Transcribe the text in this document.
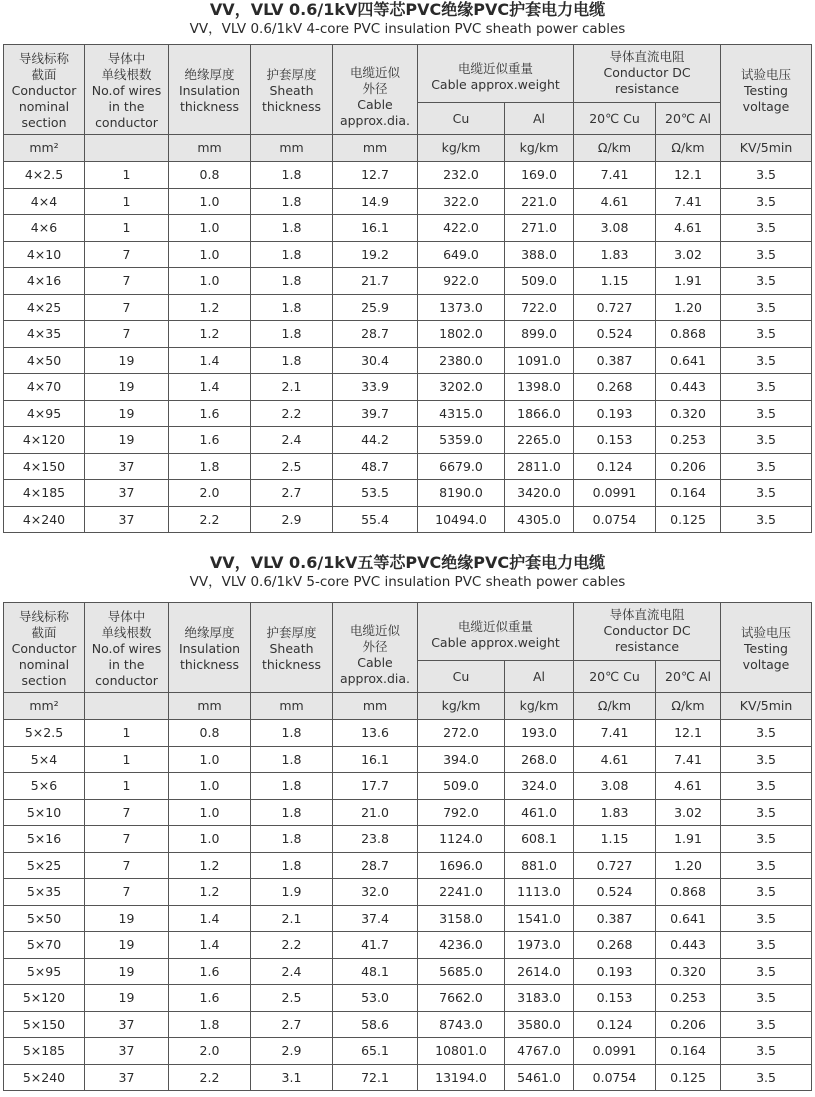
VV，VLV 0.6/1kV四等芯PVC绝缘PVC护套电力电缆
VV，VLV 0.6/1kV 4-core PVC insulation PVC sheath power cables
导线标称
截面
Conductor
nominal
section	导体中
单线根数
No.of wires
in the
conductor	绝缘厚度
Insulation
thickness	护套厚度
Sheath
thickness	电缆近似
外径
Cable
approx.dia.	电缆近似重量
Cable approx.weight		导体直流电阻
Conductor DC
resistance		试验电压
Testing
voltage

					Cu	Al	20℃ Cu	20℃ Al	
mm²		mm	mm	mm	kg/km	kg/km	Ω/km	Ω/km	KV/5min
4×2.5	1	0.8	1.8	12.7	232.0	169.0	7.41	12.1	3.5
4×4	1	1.0	1.8	14.9	322.0	221.0	4.61	7.41	3.5
4×6	1	1.0	1.8	16.1	422.0	271.0	3.08	4.61	3.5
4×10	7	1.0	1.8	19.2	649.0	388.0	1.83	3.02	3.5
4×16	7	1.0	1.8	21.7	922.0	509.0	1.15	1.91	3.5
4×25	7	1.2	1.8	25.9	1373.0	722.0	0.727	1.20	3.5
4×35	7	1.2	1.8	28.7	1802.0	899.0	0.524	0.868	3.5
4×50	19	1.4	1.8	30.4	2380.0	1091.0	0.387	0.641	3.5
4×70	19	1.4	2.1	33.9	3202.0	1398.0	0.268	0.443	3.5
4×95	19	1.6	2.2	39.7	4315.0	1866.0	0.193	0.320	3.5
4×120	19	1.6	2.4	44.2	5359.0	2265.0	0.153	0.253	3.5
4×150	37	1.8	2.5	48.7	6679.0	2811.0	0.124	0.206	3.5
4×185	37	2.0	2.7	53.5	8190.0	3420.0	0.0991	0.164	3.5
4×240	37	2.2	2.9	55.4	10494.0	4305.0	0.0754	0.125	3.5
VV，VLV 0.6/1kV五等芯PVC绝缘PVC护套电力电缆
VV，VLV 0.6/1kV 5-core PVC insulation PVC sheath power cables
导线标称
截面
Conductor
nominal
section	导体中
单线根数
No.of wires
in the
conductor	绝缘厚度
Insulation
thickness	护套厚度
Sheath
thickness	电缆近似
外径
Cable
approx.dia.	电缆近似重量
Cable approx.weight		导体直流电阻
Conductor DC
resistance		试验电压
Testing
voltage

					Cu	Al	20℃ Cu	20℃ Al	
mm²		mm	mm	mm	kg/km	kg/km	Ω/km	Ω/km	KV/5min
5×2.5	1	0.8	1.8	13.6	272.0	193.0	7.41	12.1	3.5
5×4	1	1.0	1.8	16.1	394.0	268.0	4.61	7.41	3.5
5×6	1	1.0	1.8	17.7	509.0	324.0	3.08	4.61	3.5
5×10	7	1.0	1.8	21.0	792.0	461.0	1.83	3.02	3.5
5×16	7	1.0	1.8	23.8	1124.0	608.1	1.15	1.91	3.5
5×25	7	1.2	1.8	28.7	1696.0	881.0	0.727	1.20	3.5
5×35	7	1.2	1.9	32.0	2241.0	1113.0	0.524	0.868	3.5
5×50	19	1.4	2.1	37.4	3158.0	1541.0	0.387	0.641	3.5
5×70	19	1.4	2.2	41.7	4236.0	1973.0	0.268	0.443	3.5
5×95	19	1.6	2.4	48.1	5685.0	2614.0	0.193	0.320	3.5
5×120	19	1.6	2.5	53.0	7662.0	3183.0	0.153	0.253	3.5
5×150	37	1.8	2.7	58.6	8743.0	3580.0	0.124	0.206	3.5
5×185	37	2.0	2.9	65.1	10801.0	4767.0	0.0991	0.164	3.5
5×240	37	2.2	3.1	72.1	13194.0	5461.0	0.0754	0.125	3.5
